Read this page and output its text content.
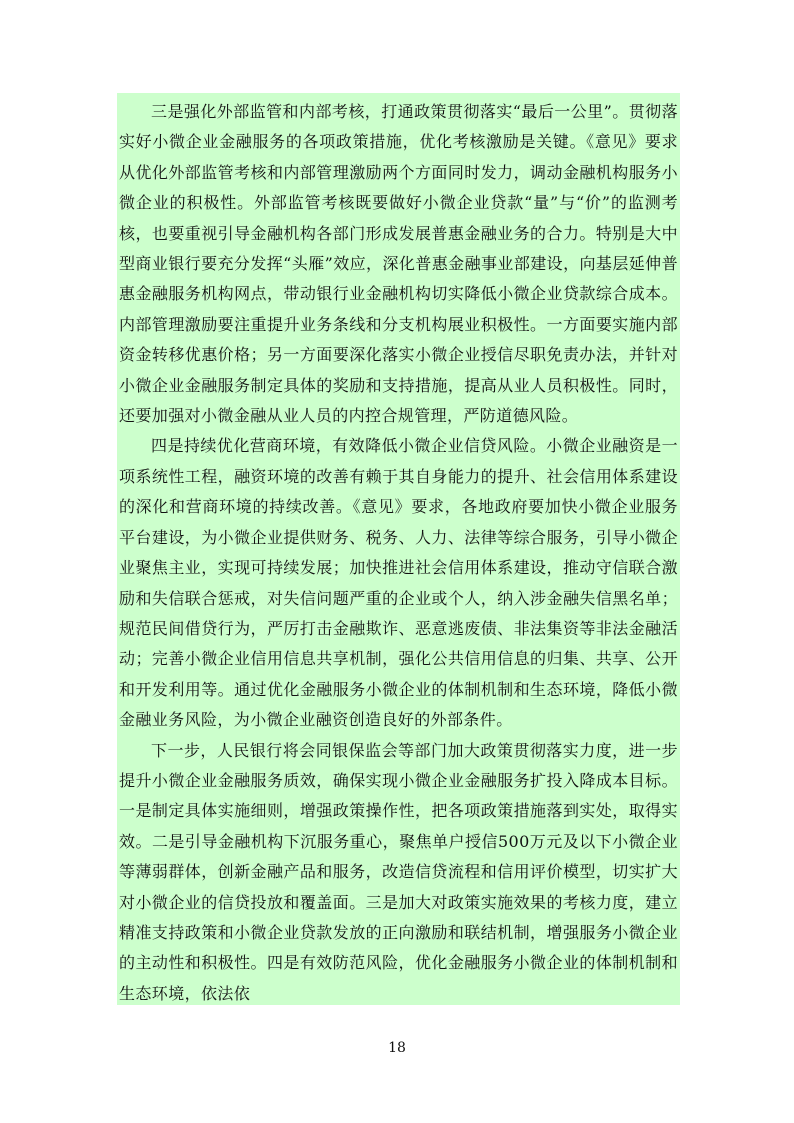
三是强化外部监管和内部考核，打通政策贯彻落实“最后一公里”。贯彻落实好小微企业金融服务的各项政策措施，优化考核激励是关键。《意见》要求从优化外部监管考核和内部管理激励两个方面同时发力，调动金融机构服务小微企业的积极性。外部监管考核既要做好小微企业贷款“量”与“价”的监测考核，也要重视引导金融机构各部门形成发展普惠金融业务的合力。特别是大中型商业银行要充分发挥“头雁”效应，深化普惠金融事业部建设，向基层延伸普惠金融服务机构网点，带动银行业金融机构切实降低小微企业贷款综合成本。内部管理激励要注重提升业务条线和分支机构展业积极性。一方面要实施内部资金转移优惠价格；另一方面要深化落实小微企业授信尽职免责办法，并针对小微企业金融服务制定具体的奖励和支持措施，提高从业人员积极性。同时，还要加强对小微金融从业人员的内控合规管理，严防道德风险。

四是持续优化营商环境，有效降低小微企业信贷风险。小微企业融资是一项系统性工程，融资环境的改善有赖于其自身能力的提升、社会信用体系建设的深化和营商环境的持续改善。《意见》要求，各地政府要加快小微企业服务平台建设，为小微企业提供财务、税务、人力、法律等综合服务，引导小微企业聚焦主业，实现可持续发展；加快推进社会信用体系建设，推动守信联合激励和失信联合惩戒，对失信问题严重的企业或个人，纳入涉金融失信黑名单；规范民间借贷行为，严厉打击金融欺诈、恶意逃废债、非法集资等非法金融活动；完善小微企业信用信息共享机制，强化公共信用信息的归集、共享、公开和开发利用等。通过优化金融服务小微企业的体制机制和生态环境，降低小微金融业务风险，为小微企业融资创造良好的外部条件。

下一步，人民银行将会同银保监会等部门加大政策贯彻落实力度，进一步提升小微企业金融服务质效，确保实现小微企业金融服务扩投入降成本目标。一是制定具体实施细则，增强政策操作性，把各项政策措施落到实处，取得实效。二是引导金融机构下沉服务重心，聚焦单户授信500万元及以下小微企业等薄弱群体，创新金融产品和服务，改造信贷流程和信用评价模型，切实扩大对小微企业的信贷投放和覆盖面。三是加大对政策实施效果的考核力度，建立精准支持政策和小微企业贷款发放的正向激励和联结机制，增强服务小微企业的主动性和积极性。四是有效防范风险，优化金融服务小微企业的体制机制和生态环境，依法依

18
